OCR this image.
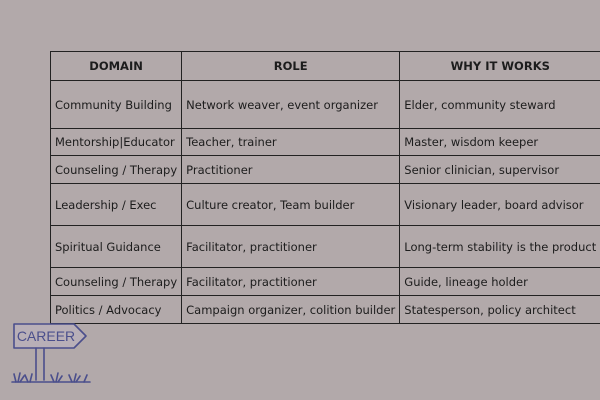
DOMAIN	ROLE	WHY IT WORKS
Community Building	Network weaver, event organizer	Elder, community steward
Mentorship|Educator	Teacher, trainer	Master, wisdom keeper
Counseling / Therapy	Practitioner	Senior clinician, supervisor
Leadership / Exec	Culture creator, Team builder	Visionary leader, board advisor
Spiritual Guidance	Facilitator, practitioner	Long-term stability is the product
Counseling / Therapy	Facilitator, practitioner	Guide, lineage holder
Politics / Advocacy	Campaign organizer, colition builder	Statesperson, policy architect
CAREER
